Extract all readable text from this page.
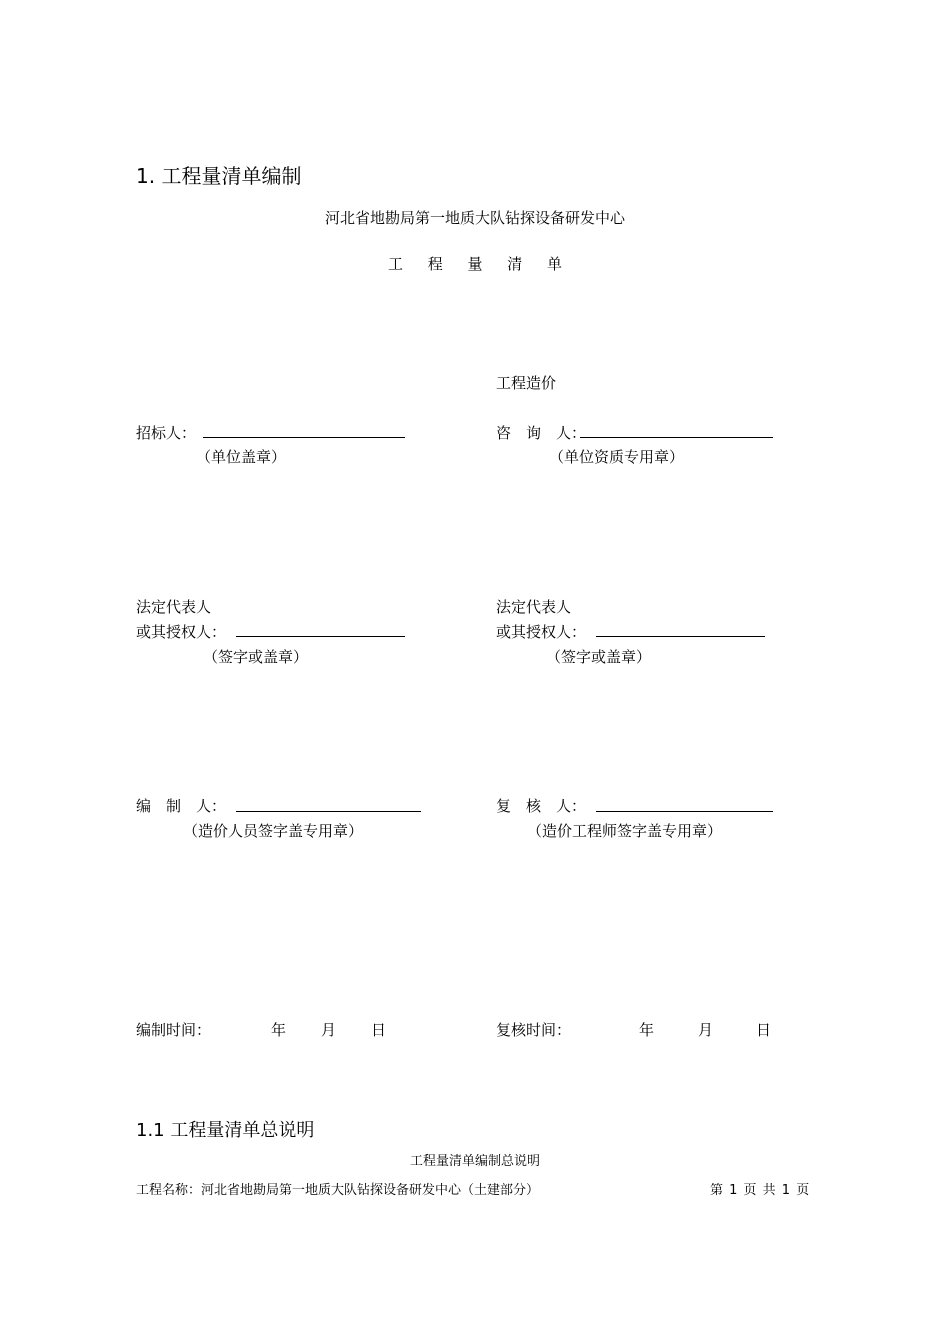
1. 工程量清单编制
河北省地勘局第一地质大队钻探设备研发中心
工 程 量 清 单
工程造价
招标人：
（单位盖章）
咨　询　人：
（单位资质专用章）
法定代表人
或其授权人：
（签字或盖章）
法定代表人
或其授权人：
（签字或盖章）
编　制　人：
（造价人员签字盖专用章）
复　核　人：
（造价工程师签字盖专用章）
编制时间：	年 月 日	复核时间：	年	月	日
1.1 工程量清单总说明
工程量清单编制总说明
工程名称：河北省地勘局第一地质大队钻探设备研发中心（土建部分）	第 1 页 共 1 页
